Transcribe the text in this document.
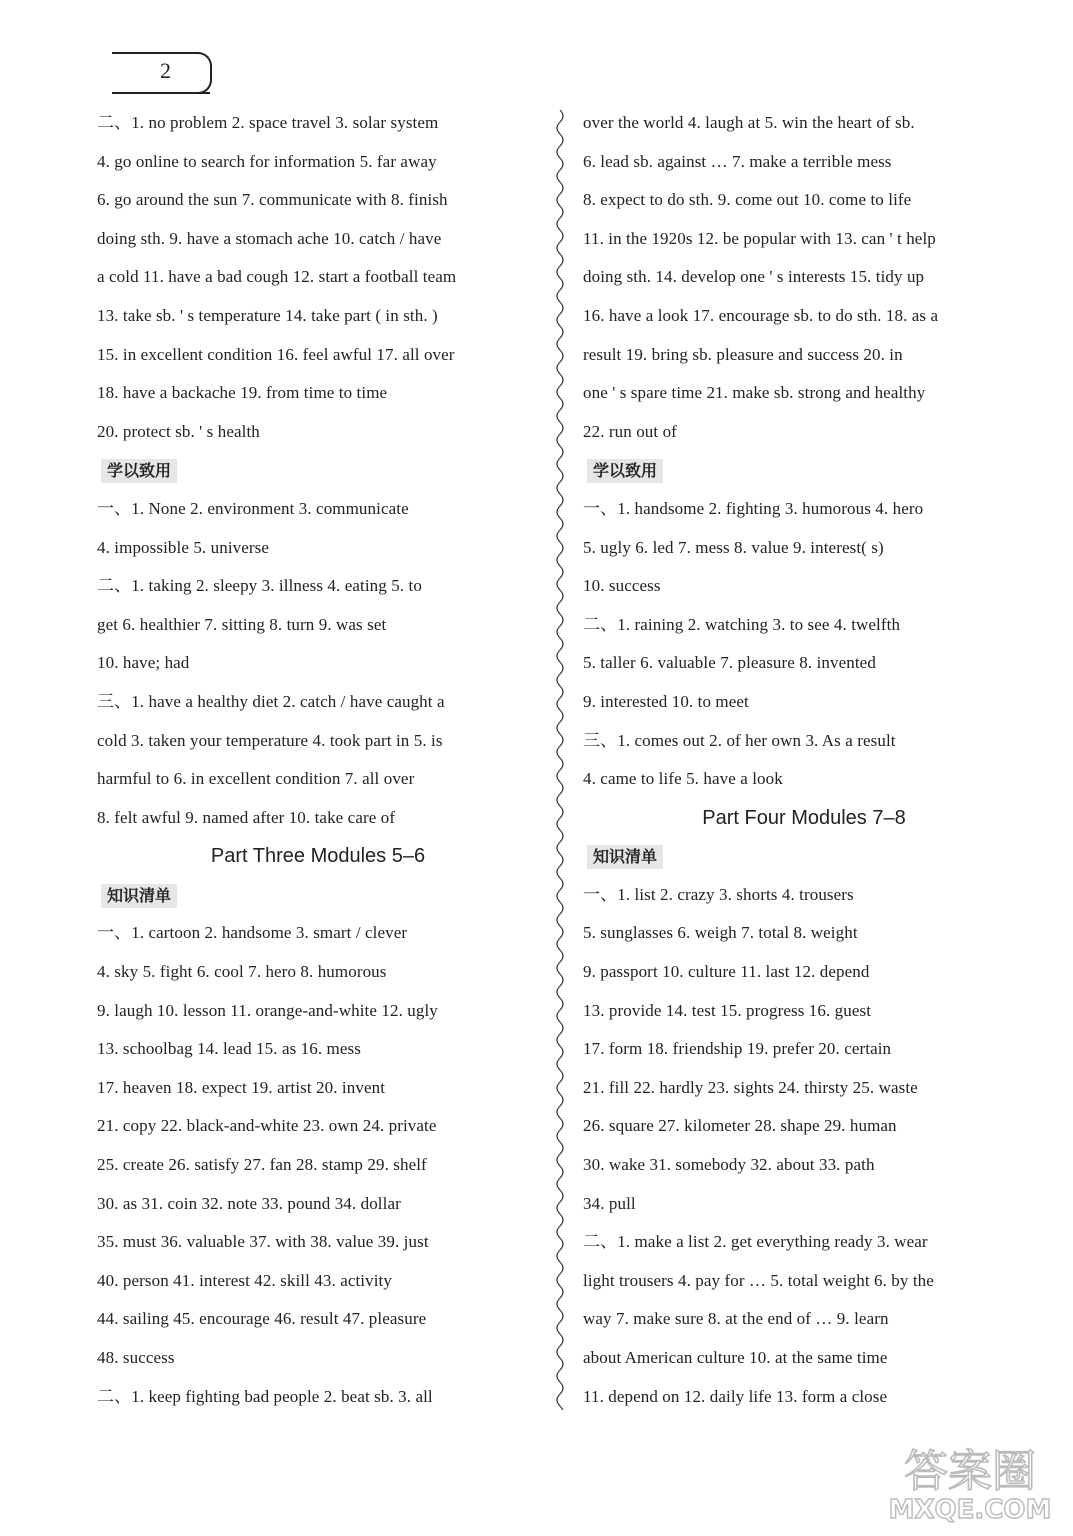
2
二、1. no problem 2. space travel 3. solar system
4. go online to search for information 5. far away
6. go around the sun 7. communicate with 8. finish
doing sth. 9. have a stomach ache 10. catch / have
a cold 11. have a bad cough 12. start a football team
13. take sb. ' s temperature 14. take part ( in sth. )
15. in excellent condition 16. feel awful 17. all over
18. have a backache 19. from time to time
20. protect sb. ' s health
学以致用
一、1. None 2. environment 3. communicate
4. impossible 5. universe
二、1. taking 2. sleepy 3. illness 4. eating 5. to
get 6. healthier 7. sitting 8. turn 9. was set
10. have; had
三、1. have a healthy diet 2. catch / have caught a
cold 3. taken your temperature 4. took part in 5. is
harmful to 6. in excellent condition 7. all over
8. felt awful 9. named after 10. take care of
Part Three Modules 5–6
知识清单
一、1. cartoon 2. handsome 3. smart / clever
4. sky 5. fight 6. cool 7. hero 8. humorous
9. laugh 10. lesson 11. orange-and-white 12. ugly
13. schoolbag 14. lead 15. as 16. mess
17. heaven 18. expect 19. artist 20. invent
21. copy 22. black-and-white 23. own 24. private
25. create 26. satisfy 27. fan 28. stamp 29. shelf
30. as 31. coin 32. note 33. pound 34. dollar
35. must 36. valuable 37. with 38. value 39. just
40. person 41. interest 42. skill 43. activity
44. sailing 45. encourage 46. result 47. pleasure
48. success
二、1. keep fighting bad people 2. beat sb. 3. all
over the world 4. laugh at 5. win the heart of sb.
6. lead sb. against … 7. make a terrible mess
8. expect to do sth. 9. come out 10. come to life
11. in the 1920s 12. be popular with 13. can ' t help
doing sth. 14. develop one ' s interests 15. tidy up
16. have a look 17. encourage sb. to do sth. 18. as a
result 19. bring sb. pleasure and success 20. in
one ' s spare time 21. make sb. strong and healthy
22. run out of
学以致用
一、1. handsome 2. fighting 3. humorous 4. hero
5. ugly 6. led 7. mess 8. value 9. interest( s)
10. success
二、1. raining 2. watching 3. to see 4. twelfth
5. taller 6. valuable 7. pleasure 8. invented
9. interested 10. to meet
三、1. comes out 2. of her own 3. As a result
4. came to life 5. have a look
Part Four Modules 7–8
知识清单
一、1. list 2. crazy 3. shorts 4. trousers
5. sunglasses 6. weigh 7. total 8. weight
9. passport 10. culture 11. last 12. depend
13. provide 14. test 15. progress 16. guest
17. form 18. friendship 19. prefer 20. certain
21. fill 22. hardly 23. sights 24. thirsty 25. waste
26. square 27. kilometer 28. shape 29. human
30. wake 31. somebody 32. about 33. path
34. pull
二、1. make a list 2. get everything ready 3. wear
light trousers 4. pay for … 5. total weight 6. by the
way 7. make sure 8. at the end of … 9. learn
about American culture 10. at the same time
11. depend on 12. daily life 13. form a close
答案圈
MXQE.COM
